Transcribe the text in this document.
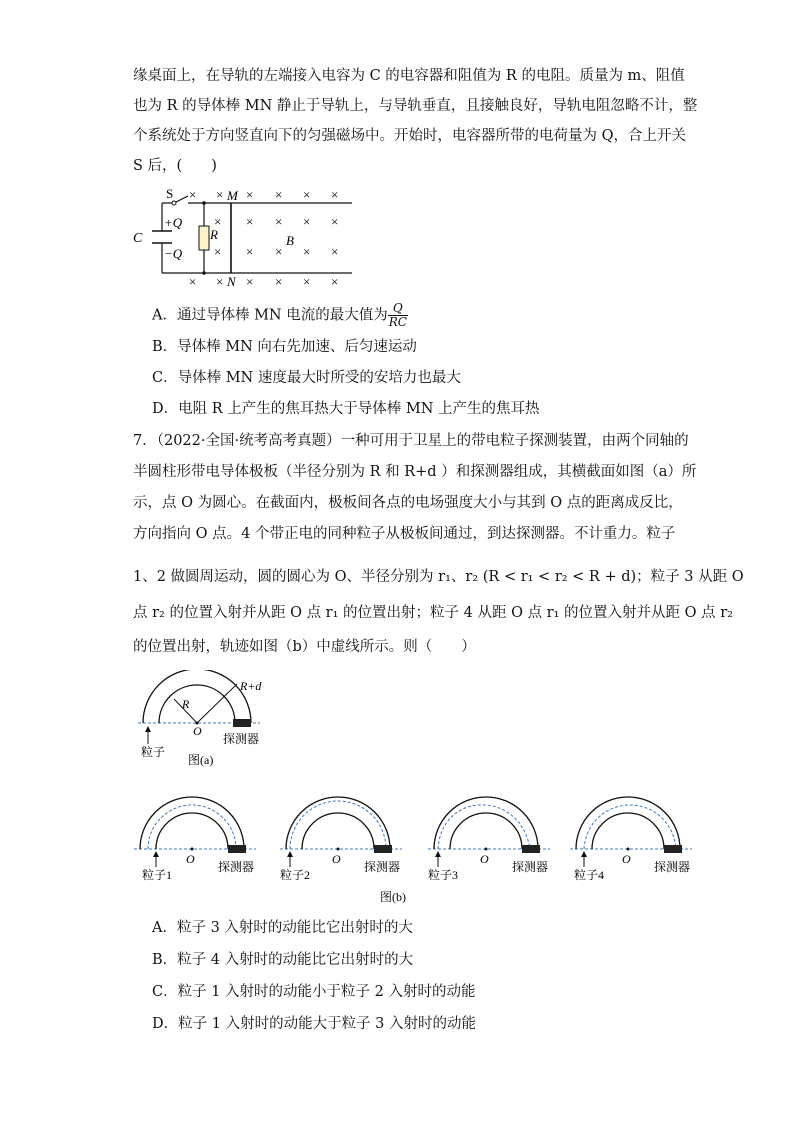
缘桌面上，在导轨的左端接入电容为 C 的电容器和阻值为 R 的电阻。质量为 m、阻值
也为 R 的导体棒 MN 静止于导轨上，与导轨垂直，且接触良好，导轨电阻忽略不计，整
个系统处于方向竖直向下的匀强磁场中。开始时，电容器所带的电荷量为 Q，合上开关
S 后，(　　)
S
+Q
−Q
C	R
M
N
B
× × × × × ×
× × × × ×
× × × × ×
× × × × × ×
A．通过导体棒 MN 电流的最大值为 $\frac{Q}{RC}$
B．导体棒 MN 向右先加速、后匀速运动
C．导体棒 MN 速度最大时所受的安培力也最大
D．电阻 R 上产生的焦耳热大于导体棒 MN 上产生的焦耳热
7．（2022·全国·统考高考真题）一种可用于卫星上的带电粒子探测装置，由两个同轴的
半圆柱形带电导体极板（半径分别为 R 和 R+d ）和探测器组成，其横截面如图（a）所
示，点 O 为圆心。在截面内，极板间各点的电场强度大小与其到 O 点的距离成反比，
方向指向 O 点。4 个带正电的同种粒子从极板间通过，到达探测器。不计重力。粒子
1、2 做圆周运动，圆的圆心为 O、半径分别为 r₁、r₂ (R < r₁ < r₂ < R + d)；粒子 3 从距 O
点 r₂ 的位置入射并从距 O 点 r₁ 的位置出射；粒子 4 从距 O 点 r₁ 的位置入射并从距 O 点 r₂
的位置出射，轨迹如图（b）中虚线所示。则（　　）
R
R+d
O
粒子
探测器
图(a)
O
探测器
粒子1
O
探测器
粒子2
O
探测器
粒子3
O
探测器
粒子4
图(b)
A．粒子 3 入射时的动能比它出射时的大
B．粒子 4 入射时的动能比它出射时的大
C．粒子 1 入射时的动能小于粒子 2 入射时的动能
D．粒子 1 入射时的动能大于粒子 3 入射时的动能
